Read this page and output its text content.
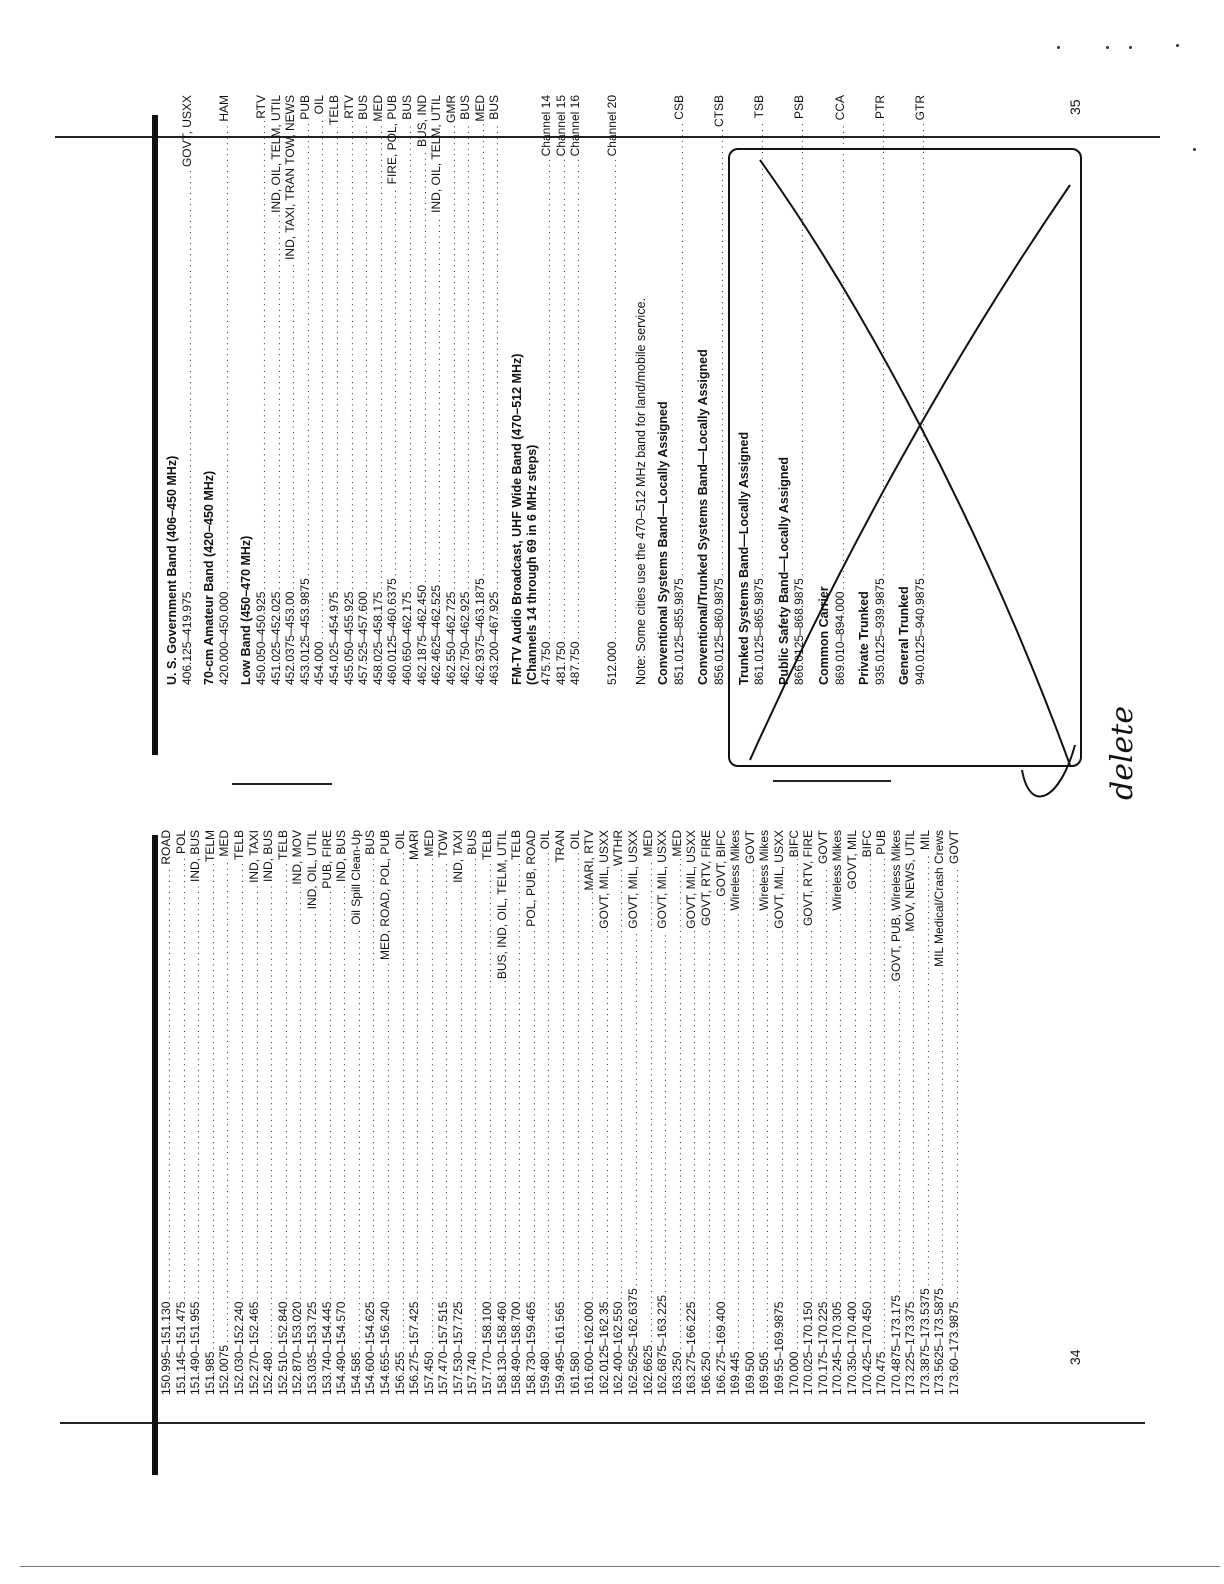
150.995–151.130
. . .
ROAD
151.145–151.475
. . .
POL
151.490–151.955
. . .
IND, BUS
151.985
. . .
TELM
152.0075
. . .
MED
152.030–152.240
. . .
TELB
152.270–152.465
. . .
IND, TAXI
152.480
. . .
IND, BUS
152.510–152.840
. . .
TELB
152.870–153.020
. . .
IND, MOV
153.035–153.725
. . .
IND, OIL, UTIL
153.740–154.445
. . .
PUB, FIRE
154.490–154.570
. . .
IND, BUS
154.585
. . .
Oil Spill Clean-Up
154.600–154.625
. . .
BUS
154.655–156.240
. . .
MED, ROAD, POL, PUB
156.255
. . .
OIL
156.275–157.425
. . .
MARI
157.450
. . .
MED
157.470–157.515
. . .
TOW
157.530–157.725
. . .
IND, TAXI
157.740
. . .
BUS
157.770–158.100
. . .
TELB
158.130–158.460
. . .
BUS, IND, OIL, TELM, UTIL
158.490–158.700
. . .
TELB
158.730–159.465
. . .
POL, PUB, ROAD
159.480
. . .
OIL
159.495–161.565
. . .
TRAN
161.580
. . .
OIL
161.600–162.000
. . .
MARI, RTV
162.0125–162.35
. . .
GOVT, MIL, USXX
162.400–162.550
. . .
WTHR
162.5625–162.6375
. . .
GOVT, MIL, USXX
162.6625
. . .
MED
162.6875–163.225
. . .
GOVT, MIL, USXX
163.250
. . .
MED
163.275–166.225
. . .
GOVT, MIL, USXX
166.250
. . .
GOVT, RTV, FIRE
166.275–169.400
. . .
GOVT, BIFC
169.445
. . .
Wireless Mikes
169.500
. . .
GOVT
169.505
. . .
Wireless Mikes
169.55–169.9875
. . .
GOVT, MIL, USXX
170.000
. . .
BIFC
170.025–170.150
. . .
GOVT, RTV, FIRE
170.175–170.225
. . .
GOVT
170.245–170.305
. . .
Wireless Mikes
170.350–170.400
. . .
GOVT, MIL
170.425–170.450
. . .
BIFC
170.475
. . .
PUB
170.4875–173.175
. . .
GOVT, PUB, Wireless Mikes
173.225–173.375
. . .
MOV, NEWS, UTIL
173.3875–173.5375
. . .
MIL
173.5625–173.5875
. . .
MIL Medical/Crash Crews
173.60–173.9875
. . .
GOVT
34
U. S. Government Band (406–450 MHz) 406.125–419.975
. . .
GOVT, USXX
70-cm Amateur Band (420–450 MHz) 420.000–450.000
. . .
HAM
Low Band (450–470 MHz) 450.050–450.925
. . .
RTV
451.025–452.025
. . .
IND, OIL, TELM, UTIL
452.0375–453.00
. . .
IND, TAXI, TRAN TOW, NEWS
453.0125–453.9875
. . .
PUB
454.000
. . .
OIL
454.025–454.975
. . .
TELB
455.050–455.925
. . .
RTV
457.525–457.600
. . .
BUS
458.025–458.175
. . .
MED
460.0125–460.6375
. . .
FIRE, POL, PUB
460.650–462.175
. . .
BUS
462.1875–462.450
. . .
BUS, IND
462.4625–462.525
. . .
IND, OIL, TELM, UTIL
462.550–462.725
. . .
GMR
462.750–462.925
. . .
BUS
462.9375–463.1875
. . .
MED
463.200–467.925
. . .
BUS
FM-TV Audio Broadcast, UHF Wide Band (470–512 MHz) (Channels 14 through 69 in 6 MHz steps) 475.750
. . .
Channel 14
481.750
. . .
Channel 15
487.750
. . .
Channel 16
512.000
. . .
Channel 20
Note: Some cities use the 470–512 MHz band for land/mobile service. Conventional Systems Band—Locally Assigned 851.0125–855.9875
. . .
CSB
Conventional/Trunked Systems Band—Locally Assigned 856.0125–860.9875
. . .
CTSB
Trunked Systems Band—Locally Assigned 861.0125–865.9875
. . .
TSB
Public Safety Band—Locally Assigned 866.0125–868.9875
. . .
PSB
Common Carrier 869.010–894.000
. . .
CCA
Private Trunked 935.0125–939.9875
. . .
PTR
General Trunked 940.0125–940.9875
. . .
GTR	35
delete
